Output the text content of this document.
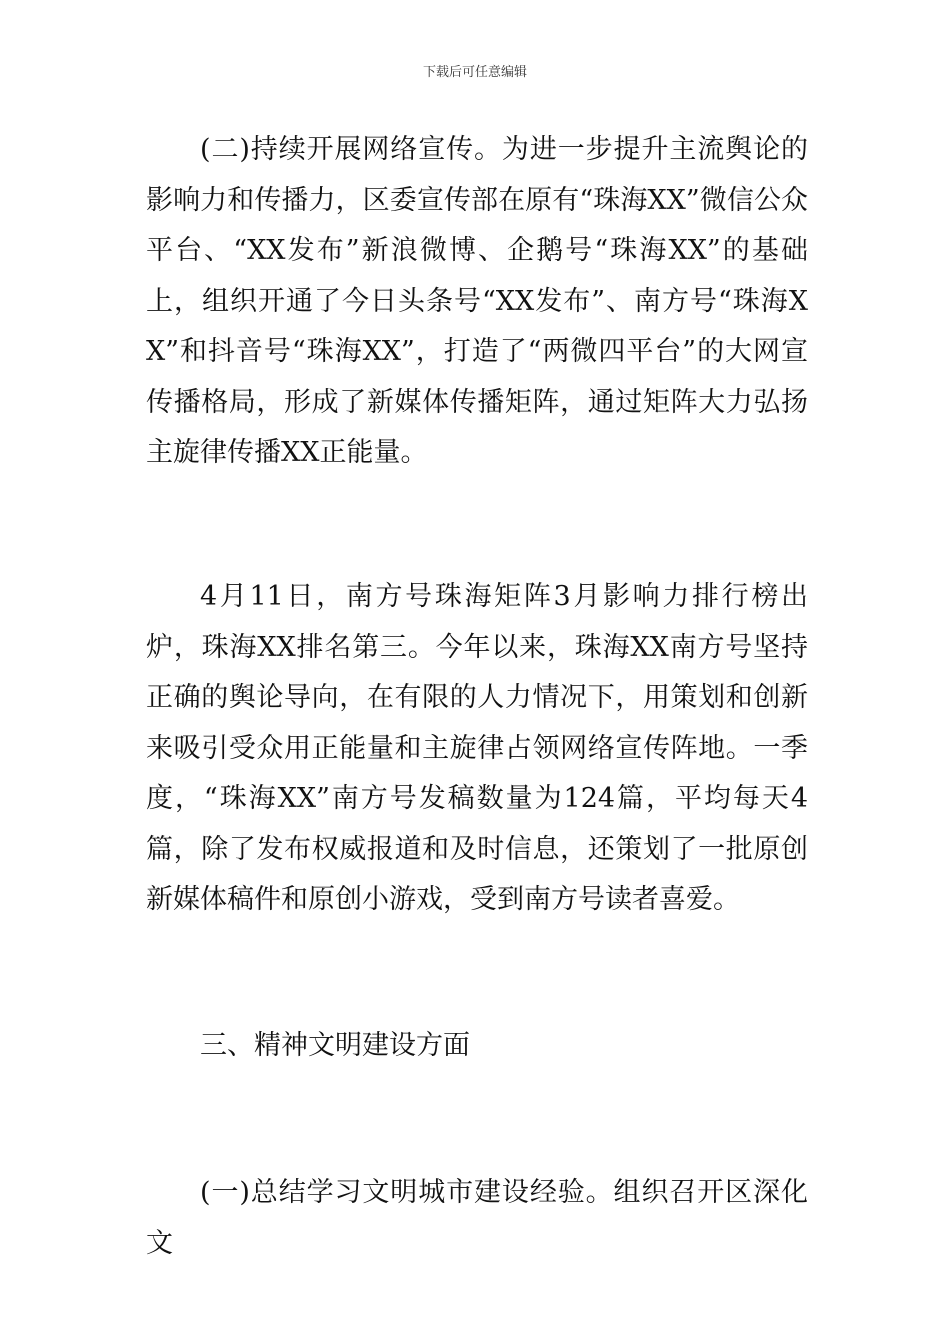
下载后可任意编辑

(二)持续开展网络宣传。为进一步提升主流舆论的影响力和传播力，区委宣传部在原有“珠海XX”微信公众平台、“XX发布”新浪微博、企鹅号“珠海XX”的基础上，组织开通了今日头条号“XX发布”、南方号“珠海XX”和抖音号“珠海XX”，打造了“两微四平台”的大网宣传播格局，形成了新媒体传播矩阵，通过矩阵大力弘扬主旋律传播XX正能量。

4月11日，南方号珠海矩阵3月影响力排行榜出炉，珠海XX排名第三。今年以来，珠海XX南方号坚持正确的舆论导向，在有限的人力情况下，用策划和创新来吸引受众用正能量和主旋律占领网络宣传阵地。一季度，“珠海XX”南方号发稿数量为124篇，平均每天4篇，除了发布权威报道和及时信息，还策划了一批原创新媒体稿件和原创小游戏，受到南方号读者喜爱。

三、精神文明建设方面

(一)总结学习文明城市建设经验。组织召开区深化文
